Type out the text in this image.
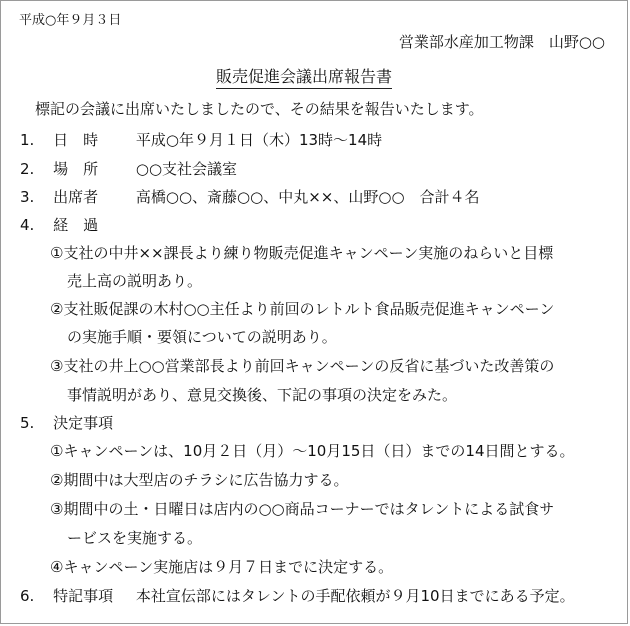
平成○年９月３日
営業部水産加工物課　山野○○
販売促進会議出席報告書
標記の会議に出席いたしましたので、その結果を報告いたします。
1. 日　時	平成○年９月１日（木）13時～14時
2. 場　所	○○支社会議室
3. 出席者	高橋○○、斎藤○○、中丸××、山野○○　合計４名
4. 経　過
①支社の中井××課長より練り物販売促進キャンペーン実施のねらいと目標
売上高の説明あり。
②支社販促課の木村○○主任より前回のレトルト食品販売促進キャンペーン
の実施手順・要領についての説明あり。
③支社の井上○○営業部長より前回キャンペーンの反省に基づいた改善策の
事情説明があり、意見交換後、下記の事項の決定をみた。
5. 決定事項
①キャンペーンは、10月２日（月）～10月15日（日）までの14日間とする。
②期間中は大型店のチラシに広告協力する。
③期間中の土・日曜日は店内の○○商品コーナーではタレントによる試食サ
ービスを実施する。
④キャンペーン実施店は９月７日までに決定する。
6. 特記事項 本社宣伝部にはタレントの手配依頼が９月10日までにある予定。
